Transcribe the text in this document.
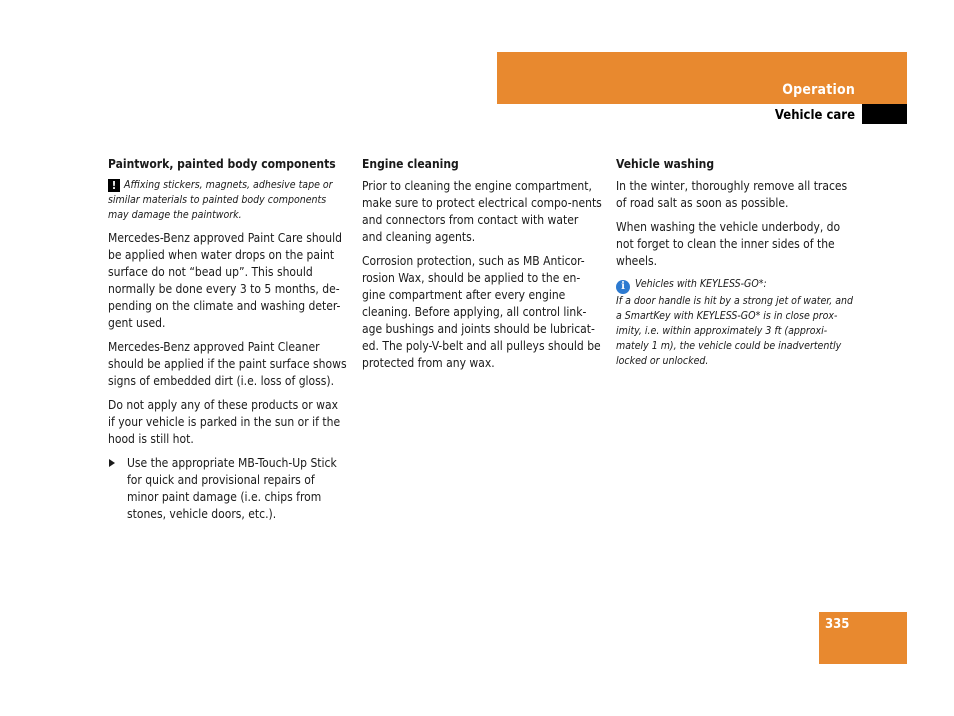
Operation
Vehicle care
Paintwork, painted body components
! Affixing stickers, magnets, adhesive tape or similar materials to painted body components may damage the paintwork.

Mercedes-Benz approved Paint Care should be applied when water drops on the paint surface do not “bead up”. This should normally be done every 3 to 5 months, de-pending on the climate and washing deter-gent used.

Mercedes-Benz approved Paint Cleaner should be applied if the paint surface shows signs of embedded dirt (i.e. loss of gloss).

Do not apply any of these products or wax if your vehicle is parked in the sun or if the hood is still hot.

Use the appropriate MB-Touch-Up Stick for quick and provisional repairs of minor paint damage (i.e. chips from stones, vehicle doors, etc.).

Engine cleaning

Prior to cleaning the engine compartment, make sure to protect electrical compo-nents and connectors from contact with water and cleaning agents.

Corrosion protection, such as MB Anticor-rosion Wax, should be applied to the en-gine compartment after every engine cleaning. Before applying, all control link-age bushings and joints should be lubricat-ed. The poly-V-belt and all pulleys should be protected from any wax.

Vehicle washing

In the winter, thoroughly remove all traces of road salt as soon as possible.

When washing the vehicle underbody, do not forget to clean the inner sides of the wheels.

i Vehicles with KEYLESS-GO*:
If a door handle is hit by a strong jet of water, and a SmartKey with KEYLESS-GO* is in close prox-imity, i.e. within approximately 3 ft (approxi-mately 1 m), the vehicle could be inadvertently locked or unlocked.
335
